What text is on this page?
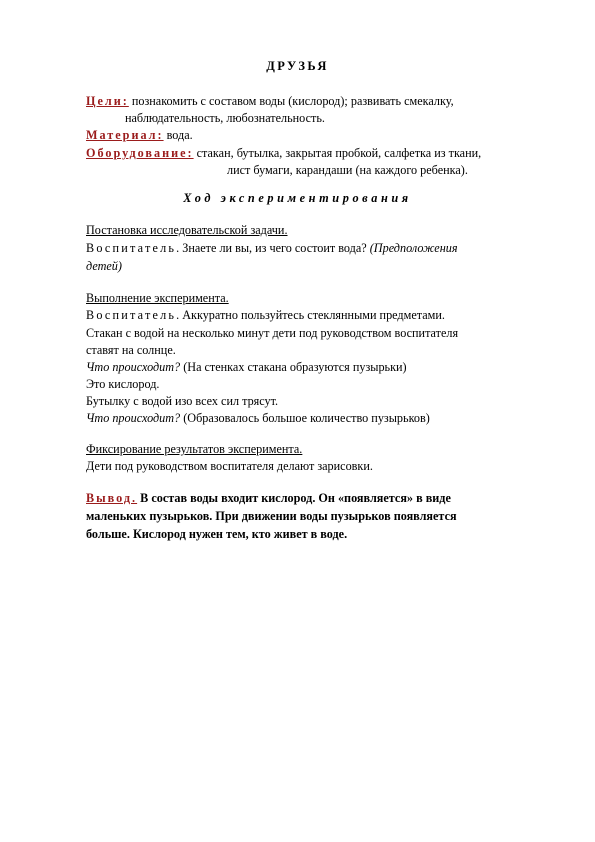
ДРУЗЬЯ
Цели: познакомить с составом воды (кислород); развивать смекалку,
наблюдательность, любознательность.
Материал: вода.
Оборудование: стакан, бутылка, закрытая пробкой, салфетка из ткани,
лист бумаги, карандаши (на каждого ребенка).
Ход экспериментирования
Постановка исследовательской задачи.
Воспитатель. Знаете ли вы, из чего состоит вода? (Предположения
детей)
Выполнение эксперимента.
Воспитатель. Аккуратно пользуйтесь стеклянными предметами.
Стакан с водой на несколько минут дети под руководством воспитателя
ставят на солнце.
Что происходит? (На стенках стакана образуются пузырьки)
Это кислород.
Бутылку с водой изо всех сил трясут.
Что происходит? (Образовалось большое количество пузырьков)
Фиксирование результатов эксперимента.
Дети под руководством воспитателя делают зарисовки.
Вывод. В состав воды входит кислород. Он «появляется» в виде
маленьких пузырьков. При движении воды пузырьков появляется
больше. Кислород нужен тем, кто живет в воде.
